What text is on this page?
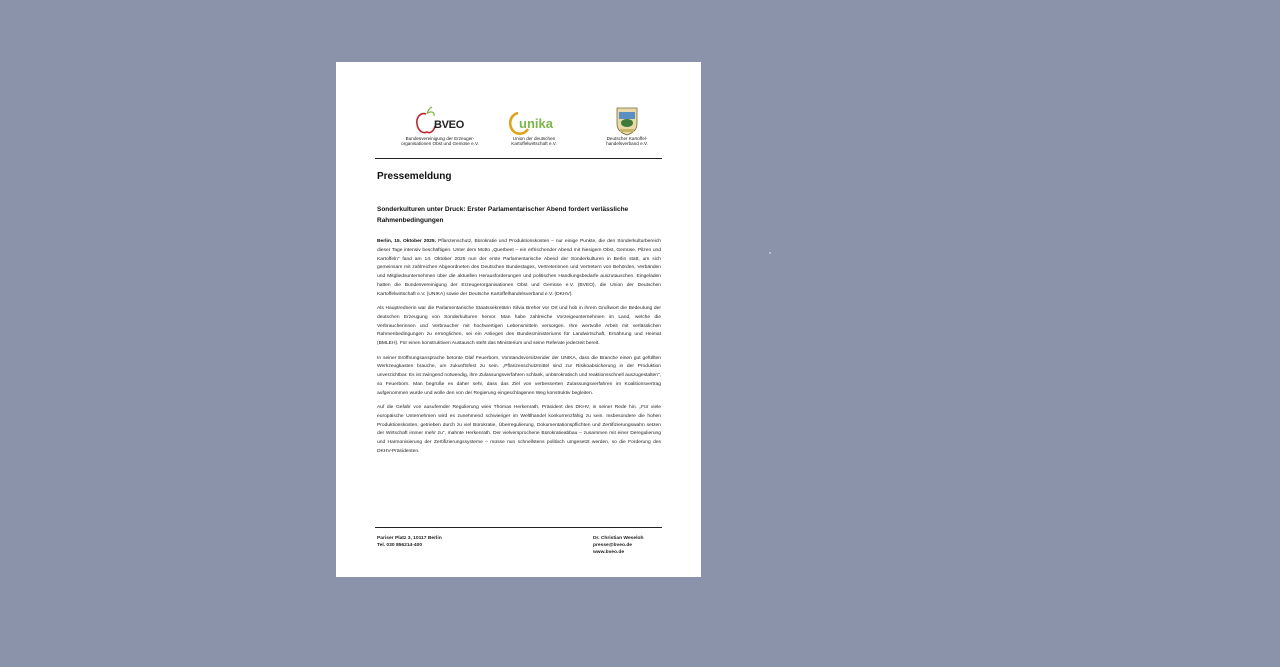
BVEO
Bundesvereinigung der Erzeuger-
organisationen Obst und Gemüse e.V.
unika
Union der deutschen
Kartoffelwirtschaft e.V.
Deutscher Kartoffel-
handelsverband e.V.
Pressemeldung
Sonderkulturen unter Druck: Erster Parlamentarischer Abend fordert verlässliche Rahmenbedingungen

Berlin, 15. Oktober 2025. Pflanzenschutz, Bürokratie und Produktionskosten – nur einige Punkte, die den Sonderkulturbereich dieser Tage intensiv beschäftigen. Unter dem Motto „Querbeet – ein erfrischender Abend mit hiesigem Obst, Gemüse, Pilzen und Kartoffeln“ fand am 14. Oktober 2025 nun der erste Parlamentarische Abend der Sonderkulturen in Berlin statt, um sich gemeinsam mit zahlreichen Abgeordneten des Deutschen Bundestages, Vertreterinnen und Vertretern von Behörden, Verbänden und Mitgliedsunternehmen über die aktuellen Herausforderungen und politischen Handlungsbedarfe auszutauschen. Eingeladen hatten die Bundesvereinigung der Erzeugerorganisationen Obst und Gemüse e.V. (BVEO), die Union der Deutschen Kartoffelwirtschaft e.V. (UNIKA) sowie der Deutsche Kartoffelhandelsverband e.V. (DKHV).

Als Hauptrednerin war die Parlamentarische Staatssekretärin Silvia Breher vor Ort und hob in ihrem Grußwort die Bedeutung der deutschen Erzeugung von Sonderkulturen hervor. Man habe zahlreiche Vorzeigeunternehmen im Land, welche die Verbraucherinnen und Verbraucher mit hochwertigen Lebensmitteln versorgen. Ihre wertvolle Arbeit mit verlässlichen Rahmenbedingungen zu ermöglichen, sei ein Anliegen des Bundesministeriums für Landwirtschaft, Ernährung und Heimat (BMLEH). Für einen konstruktiven Austausch steht das Ministerium und seine Referate jederzeit bereit.

In seiner Eröffnungsansprache betonte Olaf Feuerborn, Vorstandsvorsitzender der UNIKA, dass die Branche einen gut gefüllten Werkzeugkasten brauche, um zukunftsfest zu sein. „Pflanzenschutzmittel sind zur Risikoabsicherung in der Produktion unverzichtbar. Es ist zwingend notwendig, ihre Zulassungsverfahren schlank, unbürokratisch und reaktionsschnell auszugestalten“, so Feuerborn. Man begrüße es daher sehr, dass das Ziel von verbesserten Zulassungsverfahren im Koalitionsvertrag aufgenommen wurde und wolle den von der Regierung eingeschlagenen Weg konstruktiv begleiten.

Auf die Gefahr von ausufernder Regulierung wies Thomas Herkenrath, Präsident des DKHV, in seiner Rede hin. „Für viele europäische Unternehmen wird es zunehmend schwieriger im Weltlhandel konkurrenzfähig zu sein. Insbesondere die hohen Produktionskosten, getrieben durch zu viel Bürokratie, Überregulierung, Dokumentationspflichten und Zertifizierungswahn setzen der Wirtschaft immer mehr zu“, mahnte Herkenrath. Der vielversprochene Bürokratieabbau – zusammen mit einer Deregulierung und Harmonisierung der Zertifizierungssysteme – müsse nun schnellstens politisch umgesetzt werden, so die Forderung des DKHV-Präsidenten.

Pariser Platz 3, 10117 Berlin
Tel. 030 856214-400
Dr. Christian Weseloh
presse@bveo.de
www.bveo.de
